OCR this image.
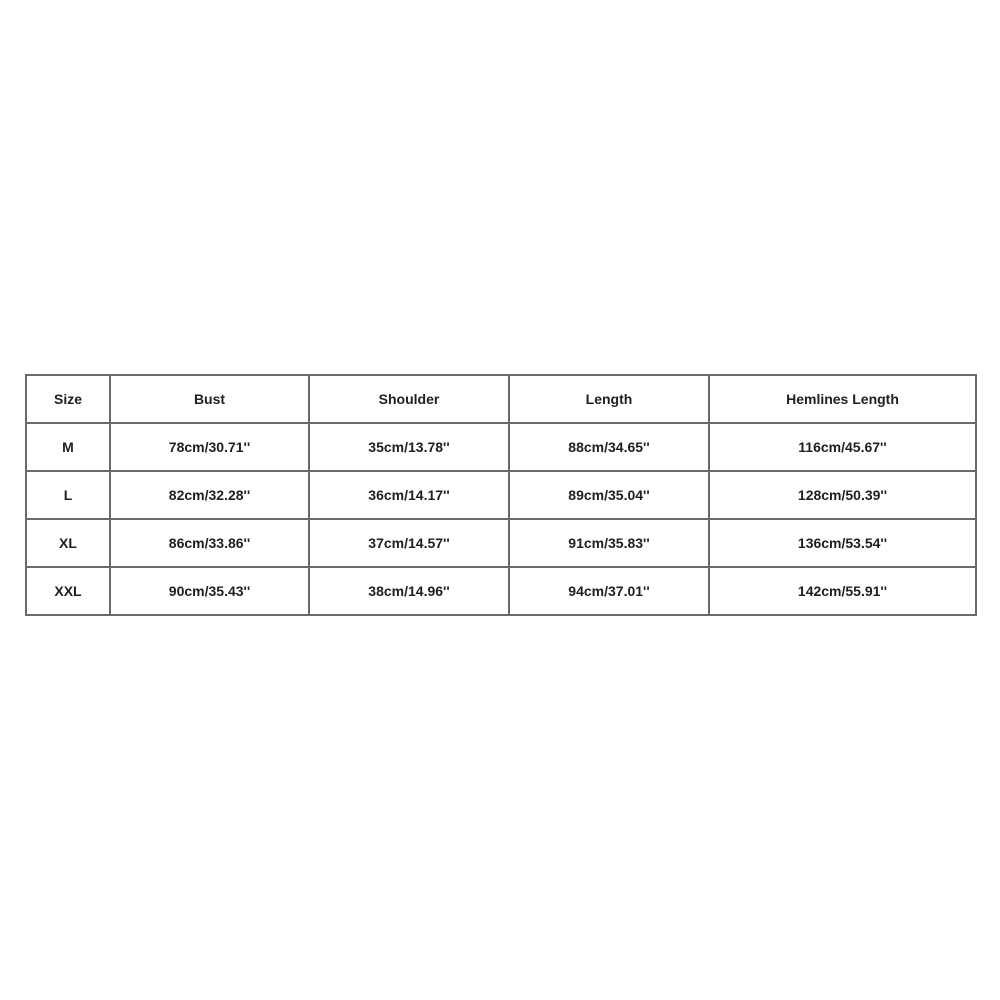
Size	Bust	Shoulder	Length	Hemlines Length
M	78cm/30.71''	35cm/13.78''	88cm/34.65''	116cm/45.67''
L	82cm/32.28''	36cm/14.17''	89cm/35.04''	128cm/50.39''
XL	86cm/33.86''	37cm/14.57''	91cm/35.83''	136cm/53.54''
XXL	90cm/35.43''	38cm/14.96''	94cm/37.01''	142cm/55.91''
